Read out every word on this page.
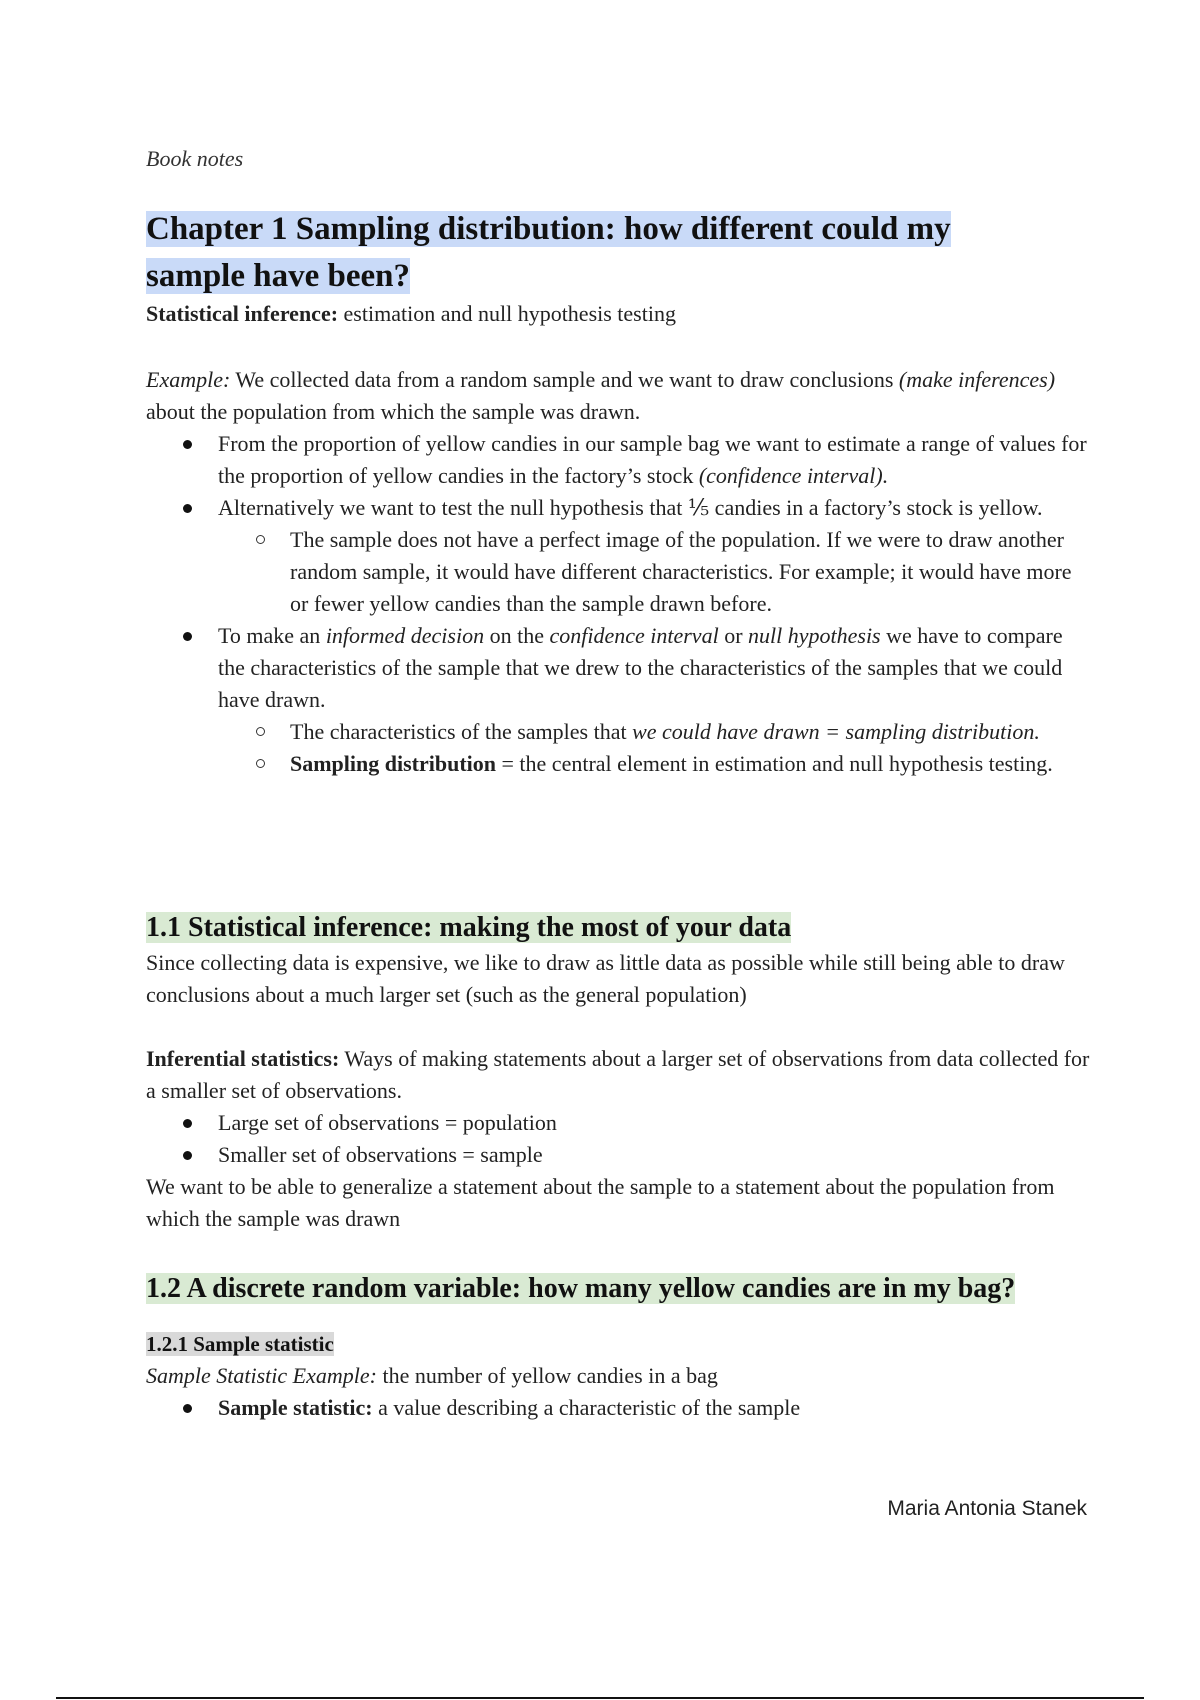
Book notes
Chapter 1 Sampling distribution: how different could my
sample have been?
Statistical inference: estimation and null hypothesis testing
Example: We collected data from a random sample and we want to draw conclusions (make inferences) about the population from which the sample was drawn.
From the proportion of yellow candies in our sample bag we want to estimate a range of values for the proportion of yellow candies in the factory’s stock (confidence interval).
Alternatively we want to test the null hypothesis that ⅕ candies in a factory’s stock is yellow.
The sample does not have a perfect image of the population. If we were to draw another random sample, it would have different characteristics. For example; it would have more or fewer yellow candies than the sample drawn before.
To make an informed decision on the confidence interval or null hypothesis we have to compare the characteristics of the sample that we drew to the characteristics of the samples that we could have drawn.
The characteristics of the samples that we could have drawn = sampling distribution.
Sampling distribution = the central element in estimation and null hypothesis testing.
1.1 Statistical inference: making the most of your data
Since collecting data is expensive, we like to draw as little data as possible while still being able to draw conclusions about a much larger set (such as the general population)
Inferential statistics: Ways of making statements about a larger set of observations from data collected for a smaller set of observations.
Large set of observations = population
Smaller set of observations = sample
We want to be able to generalize a statement about the sample to a statement about the population from which the sample was drawn
1.2 A discrete random variable: how many yellow candies are in my bag?
1.2.1 Sample statistic
Sample Statistic Example: the number of yellow candies in a bag
Sample statistic: a value describing a characteristic of the sample
Maria Antonia Stanek
